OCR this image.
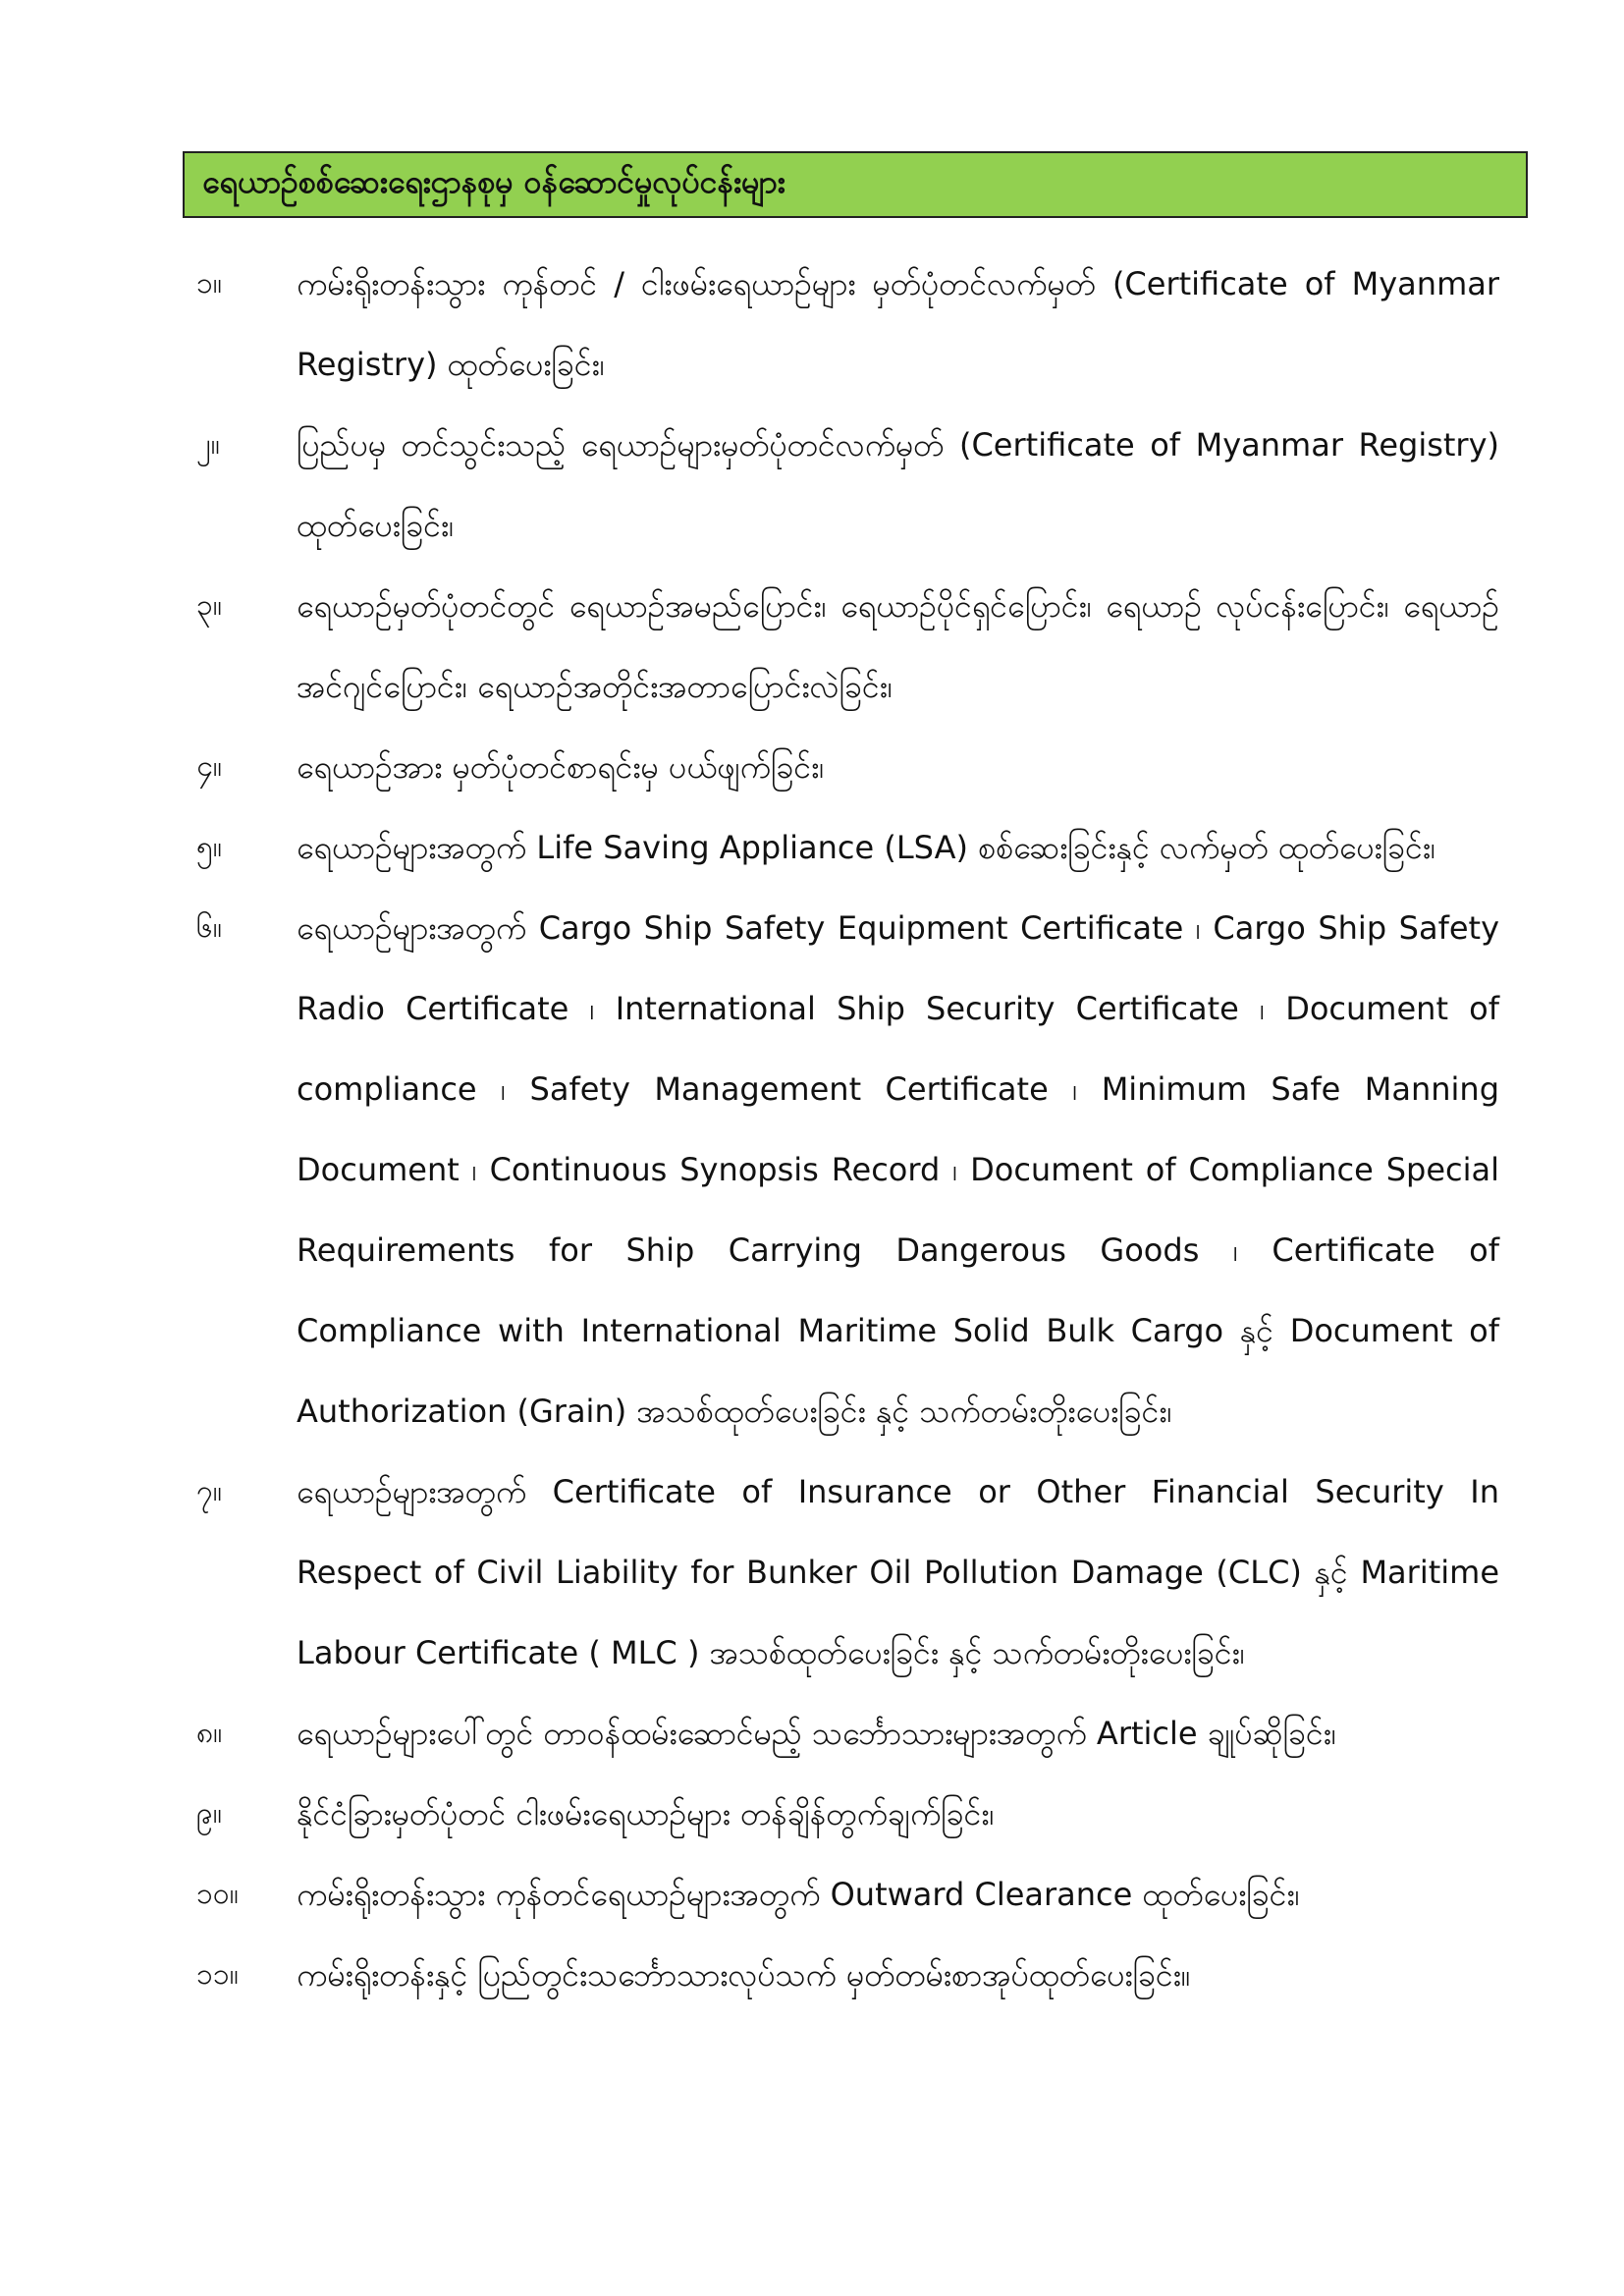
ရေယာဉ်စစ်ဆေးရေးဌာနစုမှ ဝန်ဆောင်မှုလုပ်ငန်းများ
၁။	ကမ်းရိုးတန်းသွား ကုန်တင် / ငါးဖမ်းရေယာဉ်များ မှတ်ပုံတင်လက်မှတ် (Certificate of Myanmar Registry) ထုတ်ပေးခြင်း၊
၂။	ပြည်ပမှ တင်သွင်းသည့် ရေယာဉ်များမှတ်ပုံတင်လက်မှတ် (Certificate of Myanmar Registry) ထုတ်ပေးခြင်း၊
၃။	ရေယာဉ်မှတ်ပုံတင်တွင် ရေယာဉ်အမည်ပြောင်း၊ ရေယာဉ်ပိုင်ရှင်ပြောင်း၊ ရေယာဉ် လုပ်ငန်းပြောင်း၊ ရေယာဉ်အင်ဂျင်ပြောင်း၊ ရေယာဉ်အတိုင်းအတာပြောင်းလဲခြင်း၊
၄။	ရေယာဉ်အား မှတ်ပုံတင်စာရင်းမှ ပယ်ဖျက်ခြင်း၊
၅။	ရေယာဉ်များအတွက် Life Saving Appliance (LSA) စစ်ဆေးခြင်းနှင့် လက်မှတ် ထုတ်ပေးခြင်း၊
၆။	ရေယာဉ်များအတွက် Cargo Ship Safety Equipment Certificate ၊ Cargo Ship Safety Radio Certificate ၊ International Ship Security Certificate ၊ Document of compliance ၊ Safety Management Certificate ၊ Minimum Safe Manning Document ၊ Continuous Synopsis Record ၊ Document of Compliance Special Requirements for Ship Carrying Dangerous Goods ၊ Certificate of Compliance with International Maritime Solid Bulk Cargo နှင့် Document of Authorization (Grain) အသစ်ထုတ်ပေးခြင်း နှင့် သက်တမ်းတိုးပေးခြင်း၊
၇။	ရေယာဉ်များအတွက် Certificate of Insurance or Other Financial Security In Respect of Civil Liability for Bunker Oil Pollution Damage (CLC) နှင့် Maritime Labour Certificate ( MLC ) အသစ်ထုတ်ပေးခြင်း နှင့် သက်တမ်းတိုးပေးခြင်း၊
၈။	ရေယာဉ်များပေါ်တွင် တာဝန်ထမ်းဆောင်မည့် သင်္ဘောသားများအတွက် Article ချုပ်ဆိုခြင်း၊
၉။	နိုင်ငံခြားမှတ်ပုံတင် ငါးဖမ်းရေယာဉ်များ တန်ချိန်တွက်ချက်ခြင်း၊
၁၀။	ကမ်းရိုးတန်းသွား ကုန်တင်ရေယာဉ်များအတွက် Outward Clearance ထုတ်ပေးခြင်း၊
၁၁။	ကမ်းရိုးတန်းနှင့် ပြည်တွင်းသင်္ဘောသားလုပ်သက် မှတ်တမ်းစာအုပ်ထုတ်ပေးခြင်း။
